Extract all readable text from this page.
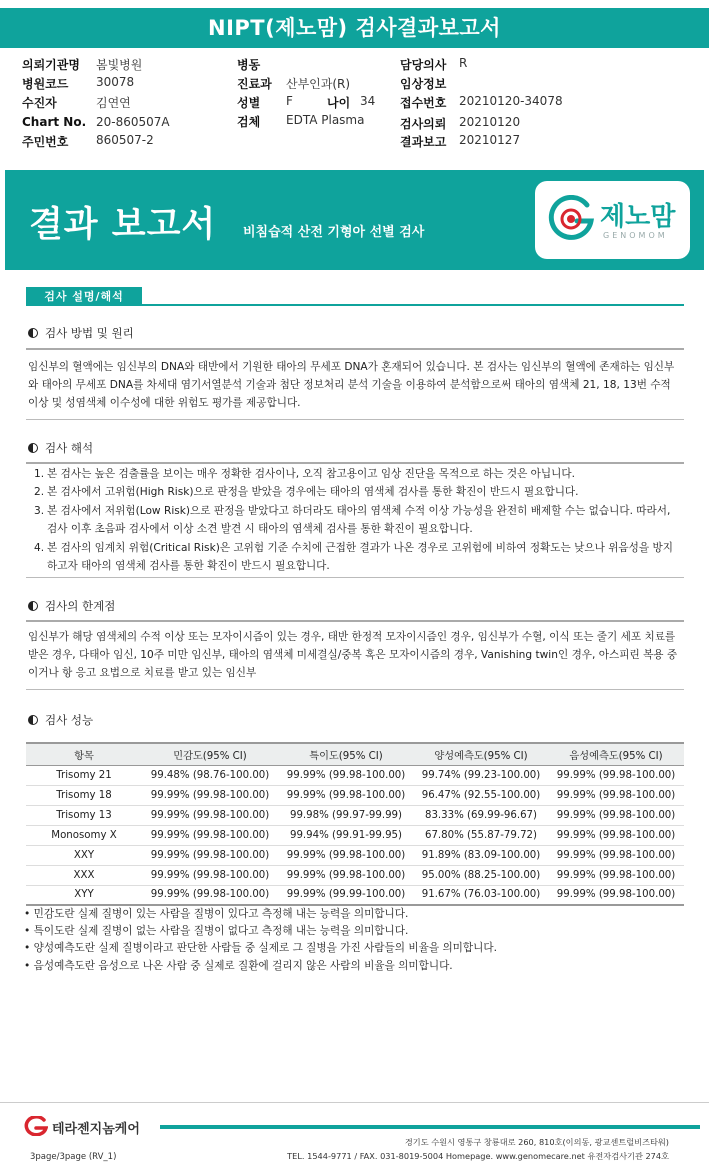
NIPT(제노맘) 검사결과보고서
의뢰기관명 봄빛병원
병원코드 30078
수진자	김연연
Chart No. 20-860507A
주민번호 860507-2
병동
진료과 산부인과(R)
성별 F	나이 34
검체 EDTA Plasma
담당의사 R
임상정보
접수번호 20210120-34078
검사의뢰 20210120
결과보고 20210127
결과 보고서 비침습적 산전 기형아 선별 검사
제노맘
GENOMOM
검사 설명/해석
검사 방법 및 원리
임신부의 혈액에는 임신부의 DNA와 태반에서 기원한 태아의 무세포 DNA가 혼재되어 있습니다. 본 검사는 임신부의 혈액에 존재하는 임신부와 태아의 무세포 DNA를 차세대 염기서열분석 기술과 첨단 정보처리 분석 기술을 이용하여 분석함으로써 태아의 염색체 21, 18, 13번 수적 이상 및 성염색체 이수성에 대한 위험도 평가를 제공합니다.
검사 해석
1. 본 검사는 높은 검출률을 보이는 매우 정확한 검사이나, 오직 참고용이고 임상 진단을 목적으로 하는 것은 아닙니다.
2. 본 검사에서 고위험(High Risk)으로 판정을 받았을 경우에는 태아의 염색체 검사를 통한 확진이 반드시 필요합니다.
3. 본 검사에서 저위험(Low Risk)으로 판정을 받았다고 하더라도 태아의 염색체 수적 이상 가능성을 완전히 배제할 수는 없습니다. 따라서, 검사 이후 초음파 검사에서 이상 소견 발견 시 태아의 염색체 검사를 통한 확진이 필요합니다.
4. 본 검사의 임계치 위험(Critical Risk)은 고위험 기준 수치에 근접한 결과가 나온 경우로 고위험에 비하여 정확도는 낮으나 위음성을 방지하고자 태아의 염색체 검사를 통한 확진이 반드시 필요합니다.
검사의 한계점
임신부가 해당 염색체의 수적 이상 또는 모자이시즘이 있는 경우, 태반 한정적 모자이시즘인 경우, 임신부가 수혈, 이식 또는 줄기 세포 치료를 받은 경우, 다태아 임신, 10주 미만 임신부, 태아의 염색체 미세결실/중복 혹은 모자이시즘의 경우, Vanishing twin인 경우, 아스피린 복용 중이거나 항 응고 요법으로 치료를 받고 있는 임신부
검사 성능
항목	민감도(95% CI)	특이도(95% CI)	양성예측도(95% CI)	음성예측도(95% CI)
Trisomy 21	99.48% (98.76-100.00)	99.99% (99.98-100.00)	99.74% (99.23-100.00)	99.99% (99.98-100.00)
Trisomy 18	99.99% (99.98-100.00)	99.99% (99.98-100.00)	96.47% (92.55-100.00)	99.99% (99.98-100.00)
Trisomy 13	99.99% (99.98-100.00)	99.98% (99.97-99.99)	83.33% (69.99-96.67)	99.99% (99.98-100.00)
Monosomy X	99.99% (99.98-100.00)	99.94% (99.91-99.95)	67.80% (55.87-79.72)	99.99% (99.98-100.00)
XXY	99.99% (99.98-100.00)	99.99% (99.98-100.00)	91.89% (83.09-100.00)	99.99% (99.98-100.00)
XXX	99.99% (99.98-100.00)	99.99% (99.98-100.00)	95.00% (88.25-100.00)	99.99% (99.98-100.00)
XYY	99.99% (99.98-100.00)	99.99% (99.99-100.00)	91.67% (76.03-100.00)	99.99% (99.98-100.00)
• 민감도란 실제 질병이 있는 사람을 질병이 있다고 측정해 내는 능력을 의미합니다.
• 특이도란 실제 질병이 없는 사람을 질병이 없다고 측정해 내는 능력을 의미합니다.
• 양성예측도란 실제 질병이라고 판단한 사람들 중 실제로 그 질병을 가진 사람들의 비율을 의미합니다.
• 음성예측도란 음성으로 나온 사람 중 실제로 질환에 걸리지 않은 사람의 비율을 의미합니다.
테라젠지놈케어
경기도 수원시 영통구 창룡대로 260, 810호(이의동, 광교센트럴비즈타워)
TEL. 1544-9771 / FAX. 031-8019-5004 Homepage. www.genomecare.net 유전자검사기관 274호
3page/3page (RV_1)
